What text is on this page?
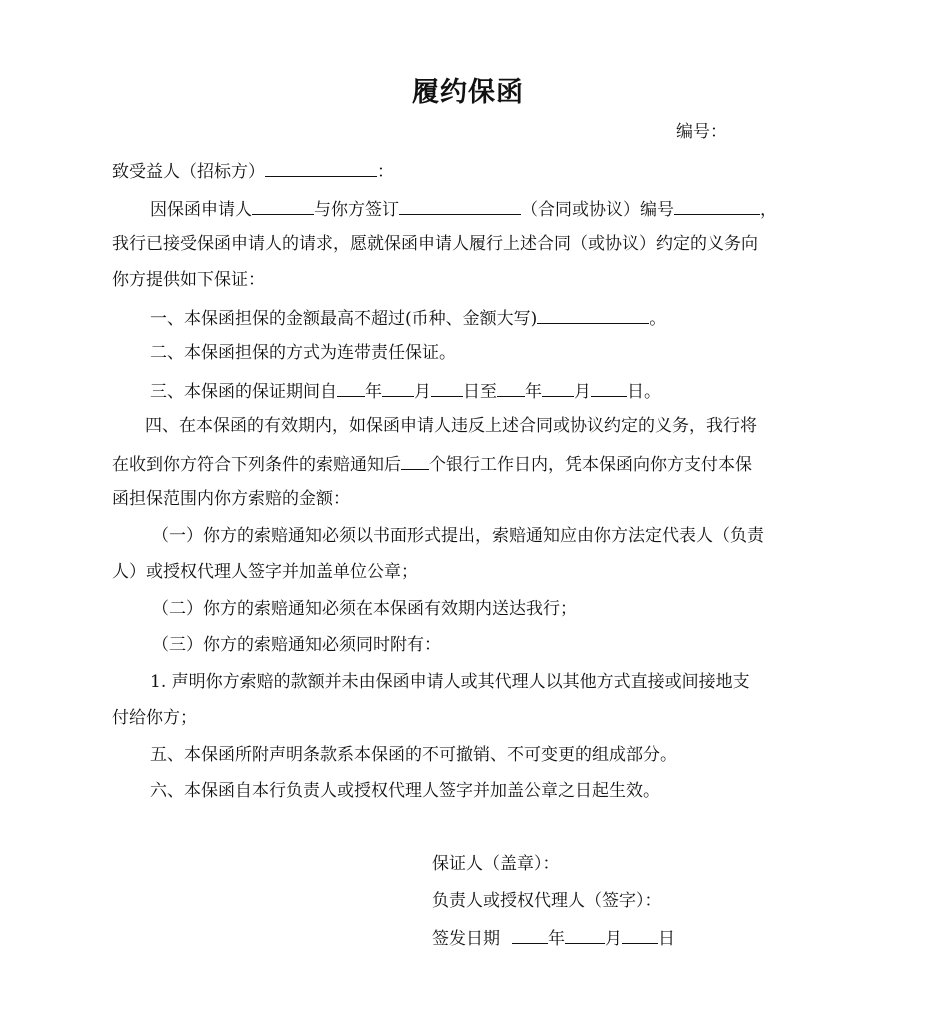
履约保函
编号：
致受益人（招标方）	：
因保函申请人	与你方签订	（合同或协议）编号	，
我行已接受保函申请人的请求，愿就保函申请人履行上述合同（或协议）约定的义务向
你方提供如下保证：
一、本保函担保的金额最高不超过(币种、金额大写)	。
二、本保函担保的方式为连带责任保证。
三、本保函的保证期间自 年 月 日至 年 月 日。
四、在本保函的有效期内，如保函申请人违反上述合同或协议约定的义务，我行将
在收到你方符合下列条件的索赔通知后 个银行工作日内，凭本保函向你方支付本保
函担保范围内你方索赔的金额：
（一）你方的索赔通知必须以书面形式提出，索赔通知应由你方法定代表人（负责
人）或授权代理人签字并加盖单位公章；
（二）你方的索赔通知必须在本保函有效期内送达我行；
（三）你方的索赔通知必须同时附有：
1. 声明你方索赔的款额并未由保函申请人或其代理人以其他方式直接或间接地支
付给你方；
五、本保函所附声明条款系本保函的不可撤销、不可变更的组成部分。
六、本保函自本行负责人或授权代理人签字并加盖公章之日起生效。
保证人（盖章）：
负责人或授权代理人（签字）：
签发日期	年 月 日
